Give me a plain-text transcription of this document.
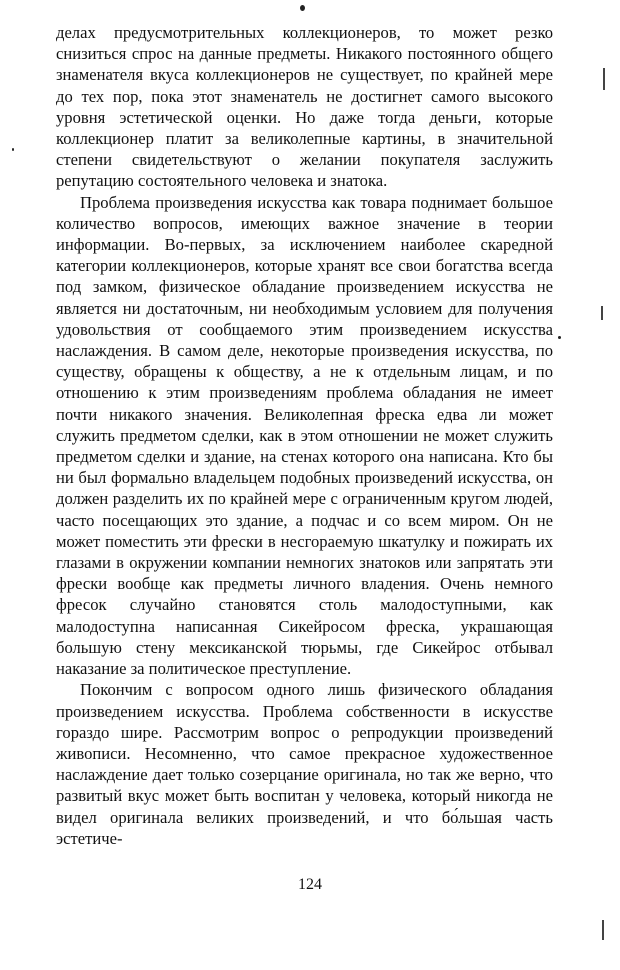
делах предусмотрительных коллекционеров, то может резко снизиться спрос на данные предметы. Никакого постоянного общего знаменателя вкуса коллекционеров не существует, по крайней мере до тех пор, пока этот знаменатель не достигнет самого высокого уровня эстетической оценки. Но даже тогда деньги, которые коллекционер платит за великолепные картины, в значительной степени свидетельствуют о желании покупателя заслужить репутацию состоятельного человека и знатока.

Проблема произведения искусства как товара поднимает большое количество вопросов, имеющих важное значение в теории информации. Во-первых, за исключением наиболее скаредной категории коллекционеров, которые хранят все свои богатства всегда под замком, физическое обладание произведением искусства не является ни достаточным, ни необходимым условием для получения удовольствия от сообщаемого этим произведением искусства наслаждения. В самом деле, некоторые произведения искусства, по существу, обращены к обществу, а не к отдельным лицам, и по отношению к этим произведениям проблема обладания не имеет почти никакого значения. Великолепная фреска едва ли может служить предметом сделки, как в этом отношении не может служить предметом сделки и здание, на стенах которого она написана. Кто бы ни был формально владельцем подобных произведений искусства, он должен разделить их по крайней мере с ограниченным кругом людей, часто посещающих это здание, а подчас и со всем миром. Он не может поместить эти фрески в несгораемую шкатулку и пожирать их глазами в окружении компании немногих знатоков или запрятать эти фрески вообще как предметы личного владения. Очень немного фресок случайно становятся столь малодоступными, как малодоступна написанная Сикейросом фреска, украшающая большую стену мексиканской тюрьмы, где Сикейрос отбывал наказание за политическое преступление.

Покончим с вопросом одного лишь физического обладания произведением искусства. Проблема собственности в искусстве гораздо шире. Рассмотрим вопрос о репродукции произведений живописи. Несомненно, что самое прекрасное художественное наслаждение дает только созерцание оригинала, но так же верно, что развитый вкус может быть воспитан у человека, который никогда не видел оригинала великих произведений, и что бо́льшая часть эстетиче-

124
